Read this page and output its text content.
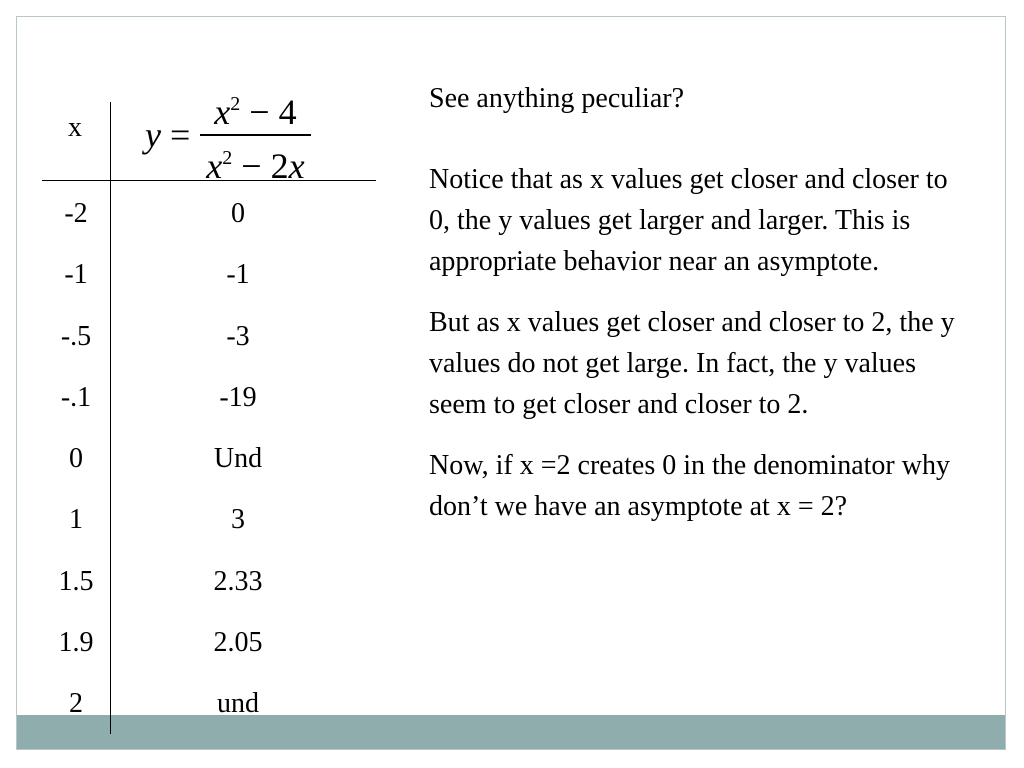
x	$y = \frac{x^2 - 4}{x^2 - 2x}$
-2	0
-1	-1
-.5	-3
-.1	-19
0	Und
1	3
1.5	2.33
1.9	2.05
2	und

See anything peculiar?

Notice that as x values get closer and closer to 0, the y values get larger and larger. This is appropriate behavior near an asymptote.

But as x values get closer and closer to 2, the y values do not get large. In fact, the y values seem to get closer and closer to 2.

Now, if x =2 creates 0 in the denominator why don’t we have an asymptote at x = 2?
